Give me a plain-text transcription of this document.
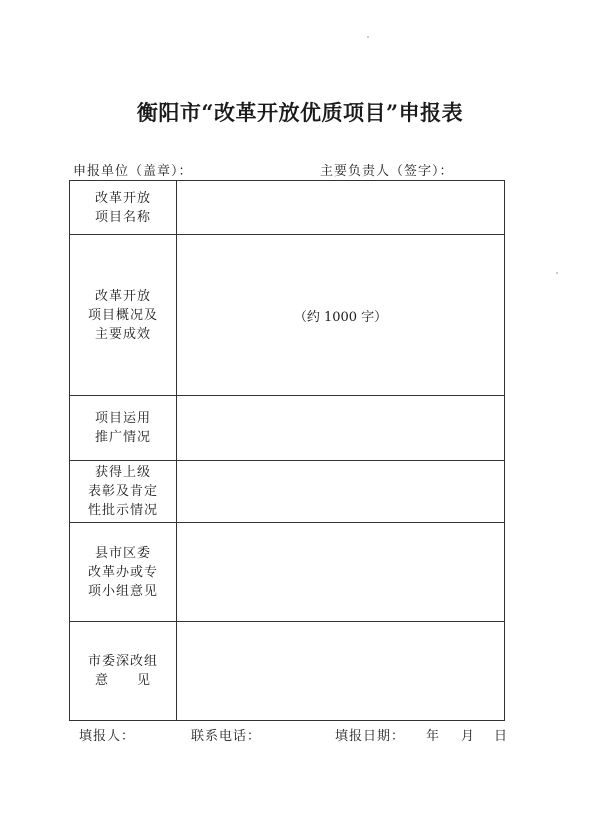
衡阳市“改革开放优质项目”申报表
申报单位（盖章）：	主要负责人（签字）：
改革开放
项目名称	

改革开放
项目概况及
主要成效	（约 1000 字）

项目运用
推广情况	

获得上级
表彰及肯定
性批示情况	

县市区委
改革办或专
项小组意见	

市委深改组
意　　见	

填报人：	联系电话：	填报日期： 年 月 日
